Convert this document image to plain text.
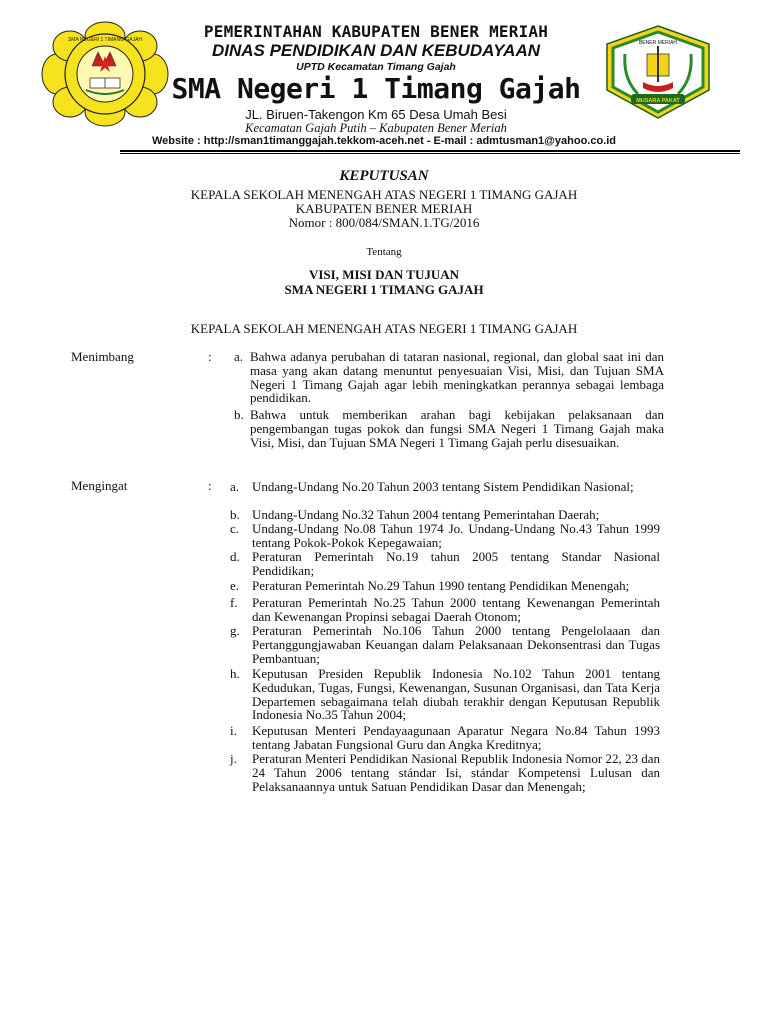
SMA NEGERI 1 TIMANG GAJAH	BENER MERIAH
MUSARA PAKAT
PEMERINTAHAN KABUPATEN BENER MERIAH
DINAS PENDIDIKAN DAN KEBUDAYAAN
UPTD Kecamatan Timang Gajah
SMA Negeri 1 Timang Gajah
JL. Biruen-Takengon Km 65 Desa Umah Besi
Kecamatan Gajah Putih – Kabupaten Bener Meriah
Website : http://sman1timanggajah.tekkom-aceh.net - E-mail : admtusman1@yahoo.co.id
KEPUTUSAN
KEPALA SEKOLAH MENENGAH ATAS NEGERI 1 TIMANG GAJAH
KABUPATEN BENER MERIAH
Nomor : 800/084/SMAN.1.TG/2016
Tentang
VISI, MISI DAN TUJUAN
SMA NEGERI 1 TIMANG GAJAH
KEPALA SEKOLAH MENENGAH ATAS NEGERI 1 TIMANG GAJAH
Menimbang	: a. Bahwa adanya perubahan di tataran nasional, regional, dan global saat ini dan masa yang akan datang menuntut penyesuaian Visi, Misi, dan Tujuan SMA Negeri 1 Timang Gajah agar lebih meningkatkan perannya sebagai lembaga pendidikan.
b. Bahwa untuk memberikan arahan bagi kebijakan pelaksanaan dan pengembangan tugas pokok dan fungsi SMA Negeri 1 Timang Gajah maka Visi, Misi, dan Tujuan SMA Negeri 1 Timang Gajah perlu disesuaikan.
Mengingat	: a. Undang-Undang No.20 Tahun 2003 tentang Sistem Pendidikan Nasional;
b. Undang-Undang No.32 Tahun 2004 tentang Pemerintahan Daerah;
c. Undang-Undang No.08 Tahun 1974 Jo. Undang-Undang No.43 Tahun 1999 tentang Pokok-Pokok Kepegawaian;
d. Peraturan Pemerintah No.19 tahun 2005 tentang Standar Nasional Pendidikan;
e. Peraturan Pemerintah No.29 Tahun 1990 tentang Pendidikan Menengah;
f. Peraturan Pemerintah No.25 Tahun 2000 tentang Kewenangan Pemerintah dan Kewenangan Propinsi sebagai Daerah Otonom;
g. Peraturan Pemerintah No.106 Tahun 2000 tentang Pengelolaaan dan Pertanggungjawaban Keuangan dalam Pelaksanaan Dekonsentrasi dan Tugas Pembantuan;
h. Keputusan Presiden Republik Indonesia No.102 Tahun 2001 tentang Kedudukan, Tugas, Fungsi, Kewenangan, Susunan Organisasi, dan Tata Kerja Departemen sebagaimana telah diubah terakhir dengan Keputusan Republik Indonesia No.35 Tahun 2004;
i. Keputusan Menteri Pendayaagunaan Aparatur Negara No.84 Tahun 1993 tentang Jabatan Fungsional Guru dan Angka Kreditnya;
j. Peraturan Menteri Pendidikan Nasional Republik Indonesia Nomor 22, 23 dan 24 Tahun 2006 tentang stándar Isi, stándar Kompetensi Lulusan dan Pelaksanaannya untuk Satuan Pendidikan Dasar dan Menengah;
